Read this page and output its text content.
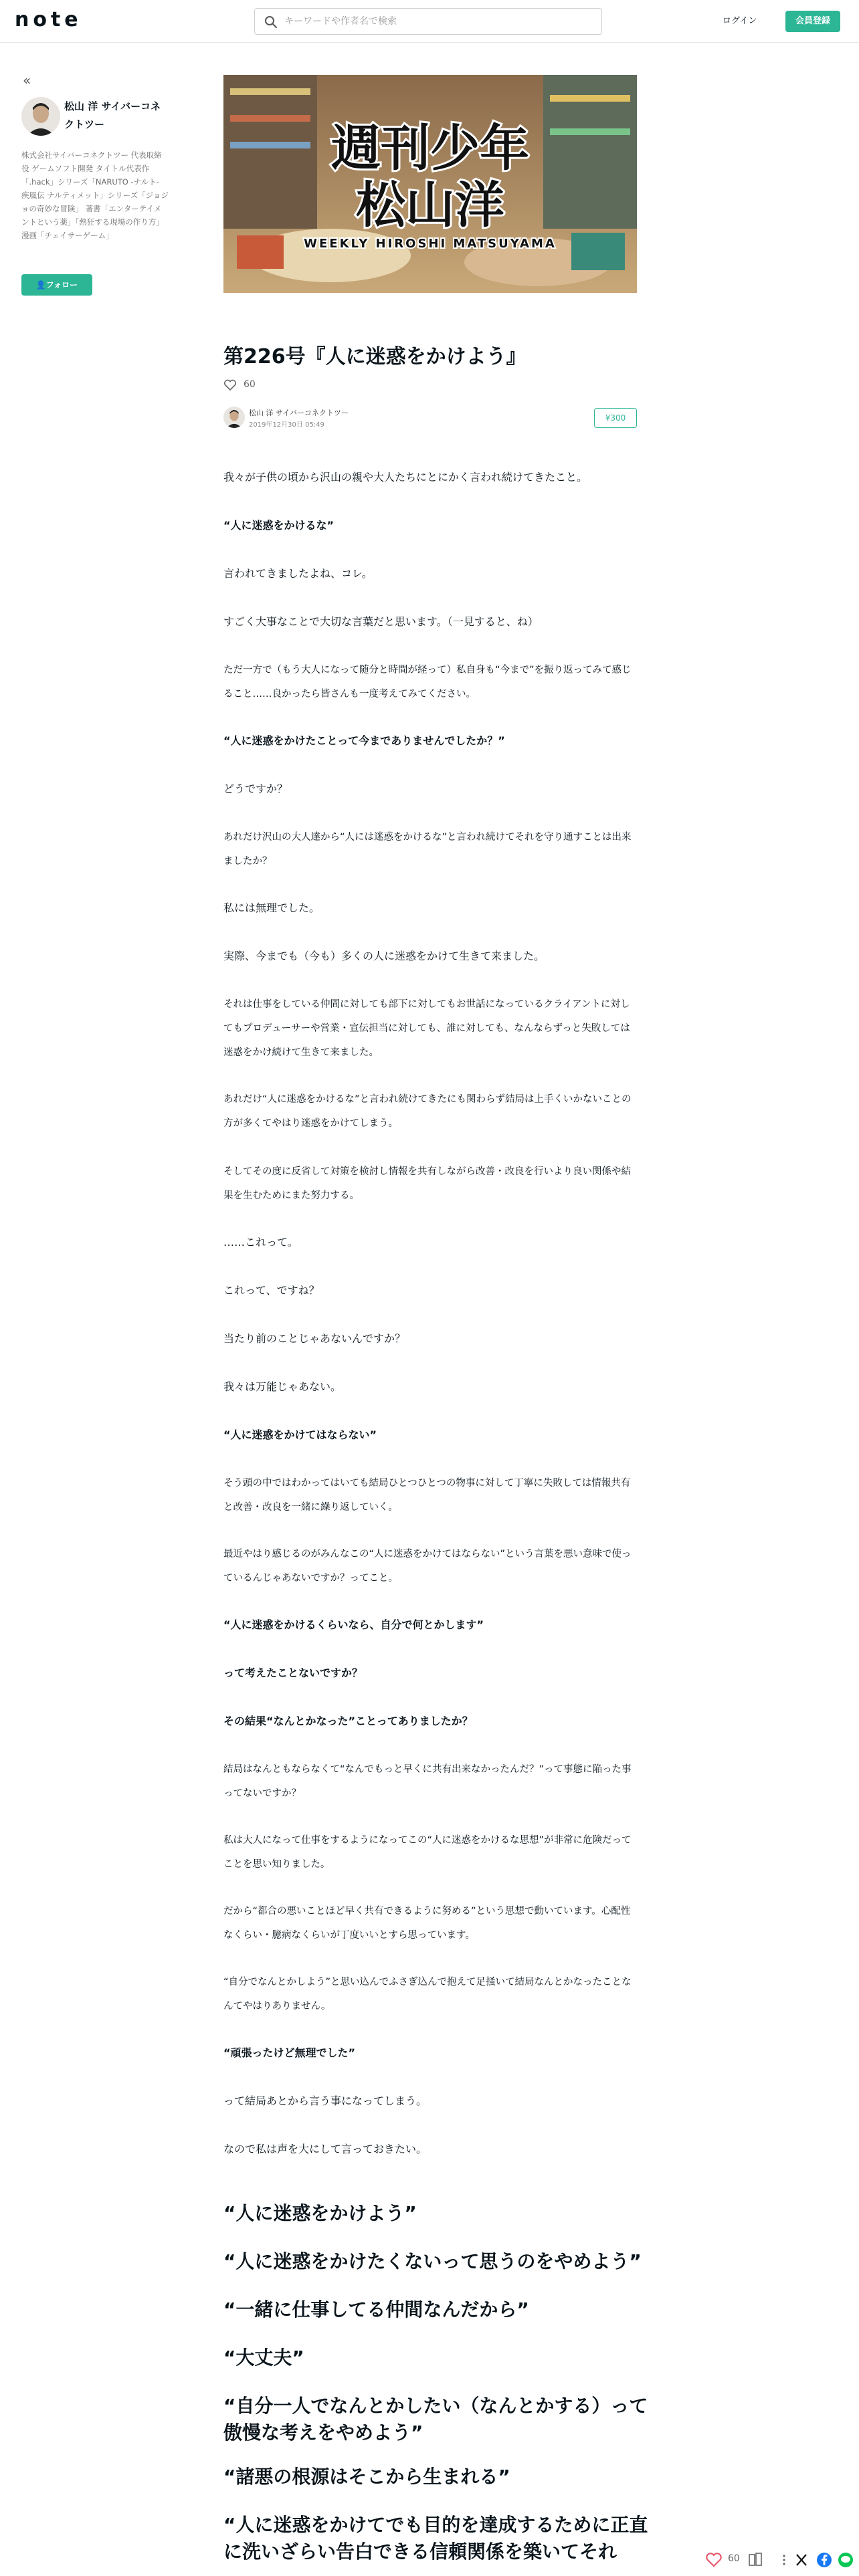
note
キーワードや作者名で検索	ログイン	会員登録
«
松山 洋 サイバーコネクトツー
株式会社サイバーコネクトツー 代表取締役 ゲームソフト開発 タイトル代表作「.hack」シリーズ「NARUTO -ナルト- 疾風伝 ナルティメット」シリーズ「ジョジョの奇妙な冒険」 著書「エンターテイメントという薬」「熱狂する現場の作り方」 漫画「チェイサーゲーム」
👤フォロー
週刊少年
松山洋
WEEKLY HIROSHI MATSUYAMA
第226号『人に迷惑をかけよう』
60
松山 洋 サイバーコネクトツー
2019年12月30日 05:49
¥300
我々が子供の頃から沢山の親や大人たちにとにかく言われ続けてきたこと。
“人に迷惑をかけるな”
言われてきましたよね、コレ。
すごく大事なことで大切な言葉だと思います。（一見すると、ね）
ただ一方で（もう大人になって随分と時間が経って）私自身も“今まで”を振り返ってみて感じること……良かったら皆さんも一度考えてみてください。
“人に迷惑をかけたことって今までありませんでしたか？”
どうですか？
あれだけ沢山の大人達から“人には迷惑をかけるな”と言われ続けてそれを守り通すことは出来ましたか？
私には無理でした。
実際、今までも（今も）多くの人に迷惑をかけて生きて来ました。
それは仕事をしている仲間に対しても部下に対してもお世話になっているクライアントに対してもプロデューサーや営業・宣伝担当に対しても、誰に対しても、なんならずっと失敗しては迷惑をかけ続けて生きて来ました。
あれだけ“人に迷惑をかけるな”と言われ続けてきたにも関わらず結局は上手くいかないことの方が多くてやはり迷惑をかけてしまう。
そしてその度に反省して対策を検討し情報を共有しながら改善・改良を行いより良い関係や結果を生むためにまた努力する。
……これって。
これって、ですね？
当たり前のことじゃあないんですか？
我々は万能じゃあない。
“人に迷惑をかけてはならない”
そう頭の中ではわかってはいても結局ひとつひとつの物事に対して丁寧に失敗しては情報共有と改善・改良を一緒に繰り返していく。
最近やはり感じるのがみんなこの“人に迷惑をかけてはならない”という言葉を悪い意味で使っているんじゃあないですか？ってこと。
“人に迷惑をかけるくらいなら、自分で何とかします”
って考えたことないですか？
その結果“なんとかなった”ことってありましたか？
結局はなんともならなくて“なんでもっと早くに共有出来なかったんだ？”って事態に陥った事ってないですか？
私は大人になって仕事をするようになってこの“人に迷惑をかけるな思想”が非常に危険だってことを思い知りました。
だから“都合の悪いことほど早く共有できるように努める”という思想で動いています。心配性なくらい・臆病なくらいが丁度いいとすら思っています。
“自分でなんとかしよう”と思い込んでふさぎ込んで抱えて足掻いて結局なんとかなったことなんてやはりありません。
“頑張ったけど無理でした”
って結局あとから言う事になってしまう。
なので私は声を大にして言っておきたい。
“人に迷惑をかけよう”
“人に迷惑をかけたくないって思うのをやめよう”
“一緒に仕事してる仲間なんだから”
“大丈夫”
“自分一人でなんとかしたい（なんとかする）って傲慢な考えをやめよう”
“諸悪の根源はそこから生まれる”
“人に迷惑をかけてでも目的を達成するために正直に洗いざらい告白できる信頼関係を築いてそれ	60
